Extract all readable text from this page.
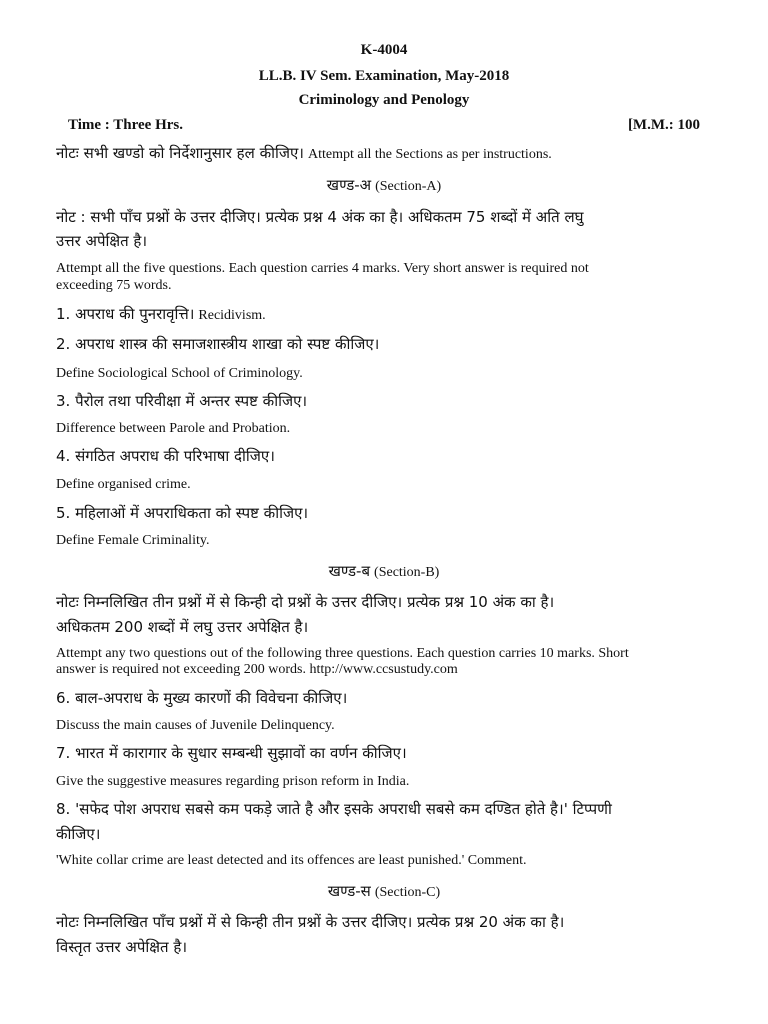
K-4004
LL.B. IV Sem. Examination, May-2018
Criminology and Penology
Time : Three Hrs.	[M.M.: 100
नोटः सभी खण्डो को निर्देशानुसार हल कीजिए। Attempt all the Sections as per instructions.
खण्ड-अ (Section-A)
नोट : सभी पाँच प्रश्नों के उत्तर दीजिए। प्रत्येक प्रश्न 4 अंक का है। अधिकतम 75 शब्दों में अति लघु
उत्तर अपेक्षित है।
Attempt all the five questions. Each question carries 4 marks. Very short answer is required not
exceeding 75 words.
1. अपराध की पुनरावृत्ति। Recidivism.
2. अपराध शास्त्र की समाजशास्त्रीय शाखा को स्पष्ट कीजिए।
Define Sociological School of Criminology.
3. पैरोल तथा परिवीक्षा में अन्तर स्पष्ट कीजिए।
Difference between Parole and Probation.
4. संगठित अपराध की परिभाषा दीजिए।
Define organised crime.
5. महिलाओं में अपराधिकता को स्पष्ट कीजिए।
Define Female Criminality.
खण्ड-ब (Section-B)
नोटः निम्नलिखित तीन प्रश्नों में से किन्ही दो प्रश्नों के उत्तर दीजिए। प्रत्येक प्रश्न 10 अंक का है।
अधिकतम 200 शब्दों में लघु उत्तर अपेक्षित है।
Attempt any two questions out of the following three questions. Each question carries 10 marks. Short
answer is required not exceeding 200 words. http://www.ccsustudy.com
6. बाल-अपराध के मुख्य कारणों की विवेचना कीजिए।
Discuss the main causes of Juvenile Delinquency.
7. भारत में कारागार के सुधार सम्बन्धी सुझावों का वर्णन कीजिए।
Give the suggestive measures regarding prison reform in India.
8. 'सफेद पोश अपराध सबसे कम पकड़े जाते है और इसके अपराधी सबसे कम दण्डित होते है।' टिप्पणी
कीजिए।
'White collar crime are least detected and its offences are least punished.' Comment.
खण्ड-स (Section-C)
नोटः निम्नलिखित पाँच प्रश्नों में से किन्ही तीन प्रश्नों के उत्तर दीजिए। प्रत्येक प्रश्न 20 अंक का है।
विस्तृत उत्तर अपेक्षित है।
